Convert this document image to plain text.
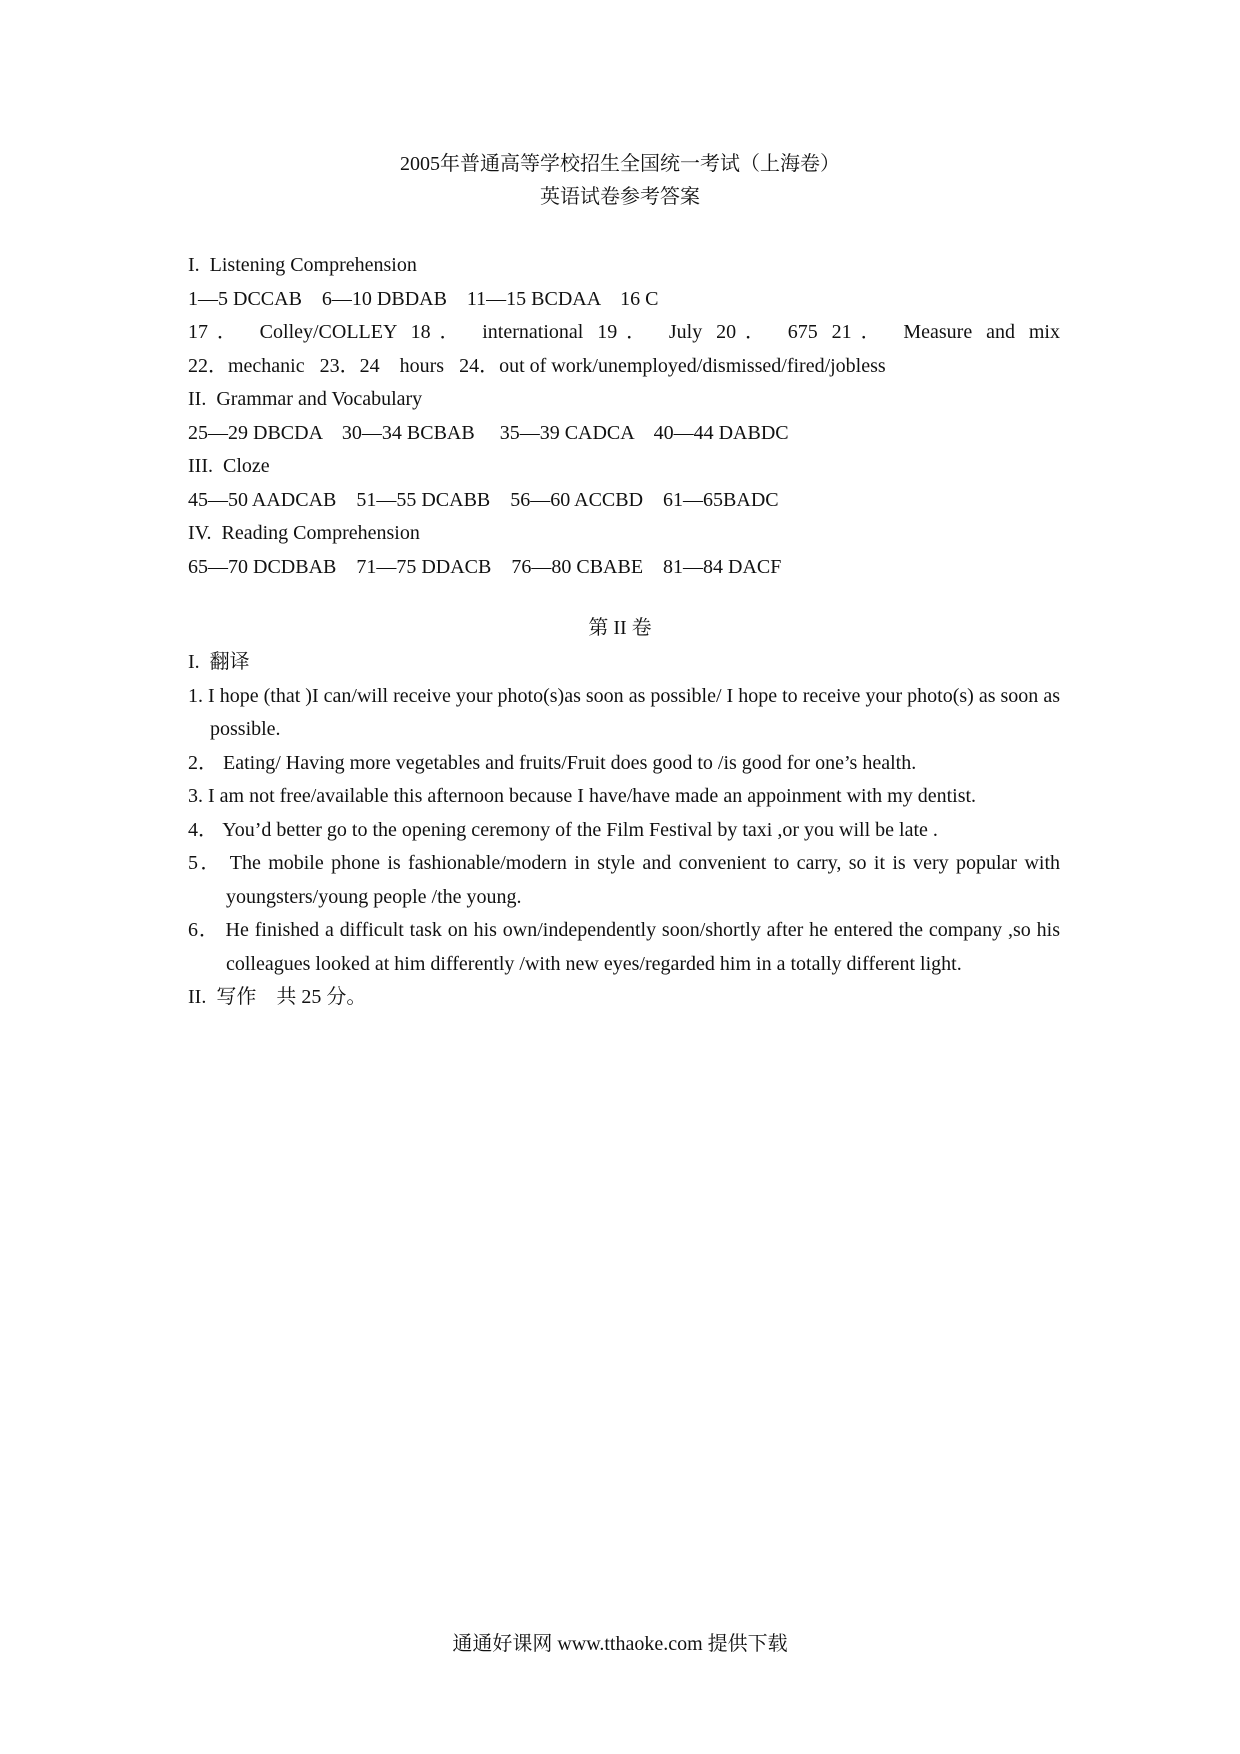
2005年普通高等学校招生全国统一考试（上海卷）
英语试卷参考答案
I.  Listening Comprehension
1—5 DCCAB    6—10 DBDAB    11—15 BCDAA    16 C
17． Colley/COLLEY 18． international 19． July 20． 675 21． Measure and mix
22．mechanic   23．24    hours   24．out of work/unemployed/dismissed/fired/jobless
II.  Grammar and Vocabulary
25—29 DBCDA    30—34 BCBAB     35—39 CADCA    40—44 DABDC
III.  Cloze
45—50 AADCAB    51—55 DCABB    56—60 ACCBD    61—65BADC
IV.  Reading Comprehension
65—70 DCDBAB    71—75 DDACB    76—80 CBABE    81—84 DACF
第 II 卷
I.  翻译
1. I hope (that )I can/will receive your photo(s)as soon as possible/ I hope to receive your photo(s) as soon as possible.
2． Eating/ Having more vegetables and fruits/Fruit does good to /is good for one’s health.
3. I am not free/available this afternoon because I have/have made an appoinment with my dentist.
4． You’d better go to the opening ceremony of the Film Festival by taxi ,or you will be late .
5． The mobile phone is fashionable/modern in style and convenient to carry, so it is very popular with youngsters/young people /the young.
6． He finished a difficult task on his own/independently soon/shortly after he entered the company ,so his colleagues looked at him differently /with new eyes/regarded him in a totally different light.
II.  写作    共 25 分。
通通好课网 www.tthaoke.com 提供下载
